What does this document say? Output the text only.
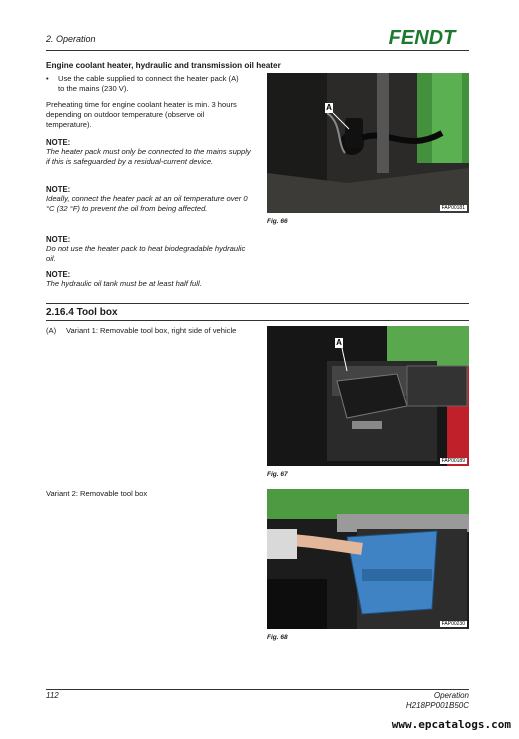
2. Operation	FENDT
Engine coolant heater, hydraulic and transmission oil heater
•	Use the cable supplied to connect the heater pack (A) to the mains (230 V).
Preheating time for engine coolant heater is min. 3 hours depending on outdoor temperature (observe oil temperature).
NOTE:
The heater pack must only be connected to the mains supply if this is safeguarded by a residual-current device.
NOTE:
Ideally, connect the heater pack at an oil temperature over 0 °C (32 °F) to prevent the oil from being affected.
NOTE:
Do not use the heater pack to heat biodegradable hydraulic oil.
NOTE:
The hydraulic oil tank must be at least half full.
A
FAP00181
Fig. 66
2.16.4 Tool box
(A) Variant 1: Removable tool box, right side of vehicle
A
FAP00189
Fig. 67
Variant 2: Removable tool box
FAP00230
Fig. 68
112	Operation
H218PP001B50C
www.epcatalogs.com
